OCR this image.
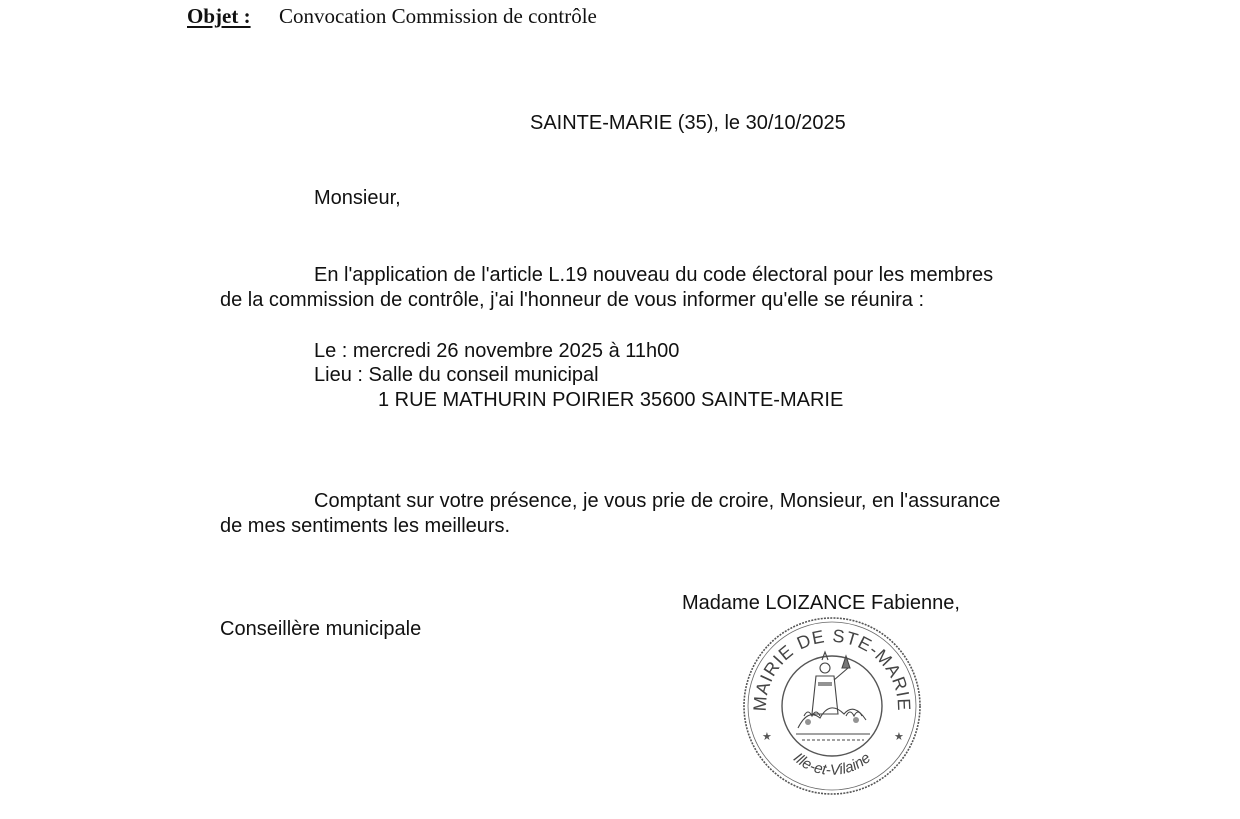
Objet : Convocation Commission de contrôle
SAINTE-MARIE (35), le 30/10/2025
Monsieur,
En l'application de l'article L.19 nouveau du code électoral pour les membres
de la commission de contrôle, j'ai l'honneur de vous informer qu'elle se réunira :
Le : mercredi 26 novembre 2025 à 11h00
Lieu : Salle du conseil municipal
1 RUE MATHURIN POIRIER 35600 SAINTE-MARIE
Comptant sur votre présence, je vous prie de croire, Monsieur, en l'assurance
de mes sentiments les meilleurs.
Madame LOIZANCE Fabienne,
Conseillère municipale
MAIRIE DE STE-MARIE
Ille-et-Vilaine
★	★
